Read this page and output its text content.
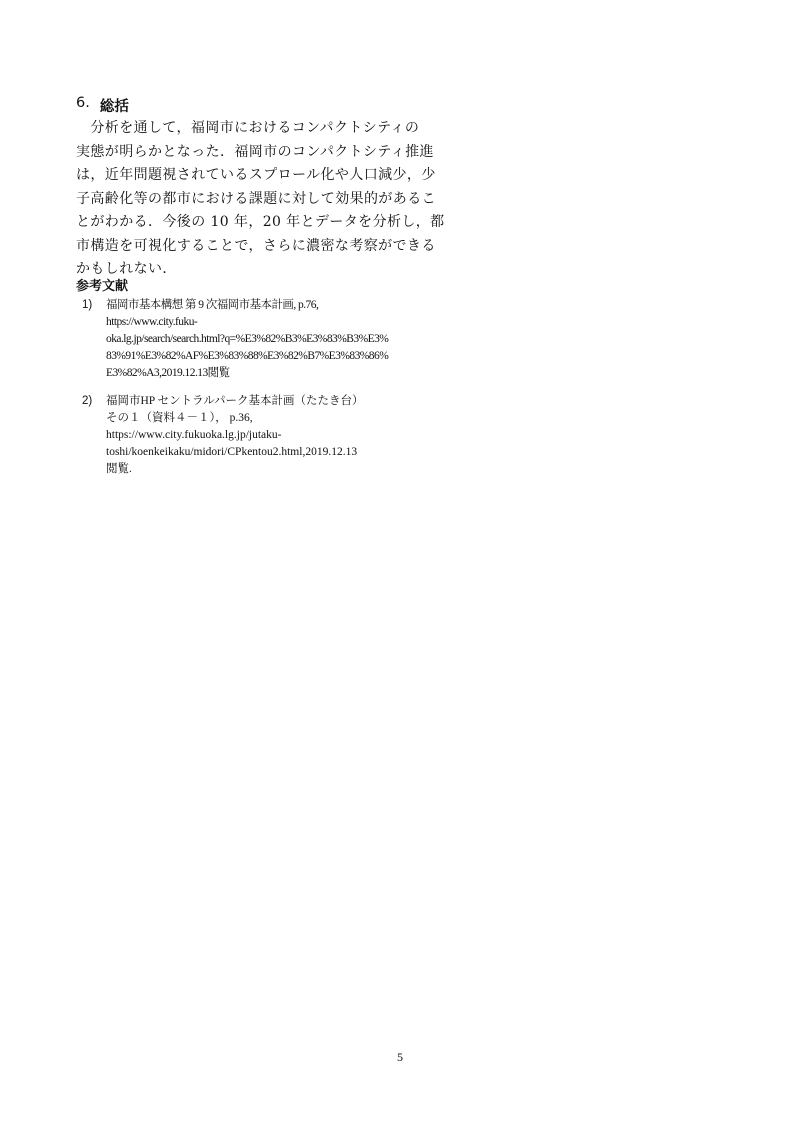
6. 総括
　分析を通して，福岡市におけるコンパクトシティの
実態が明らかとなった．福岡市のコンパクトシティ推進
は，近年問題視されているスプロール化や人口減少，少
子高齢化等の都市における課題に対して効果的があるこ
とがわかる．今後の 10 年，20 年とデータを分析し，都
市構造を可視化することで，さらに濃密な考察ができる
かもしれない．
参考文献
1) 福岡市基本構想 第 9 次福岡市基本計画, p.76,
https://www.city.fuku-
oka.lg.jp/search/search.html?q=%E3%82%B3%E3%83%B3%E3%
83%91%E3%82%AF%E3%83%88%E3%82%B7%E3%83%86%
E3%82%A3,2019.12.13閲覧
2) 福岡市HP セントラルパーク基本計画（たたき台）
その１（資料４－１）， p.36,
https://www.city.fukuoka.lg.jp/jutaku-
toshi/koenkeikaku/midori/CPkentou2.html,2019.12.13
閲覧.
5
